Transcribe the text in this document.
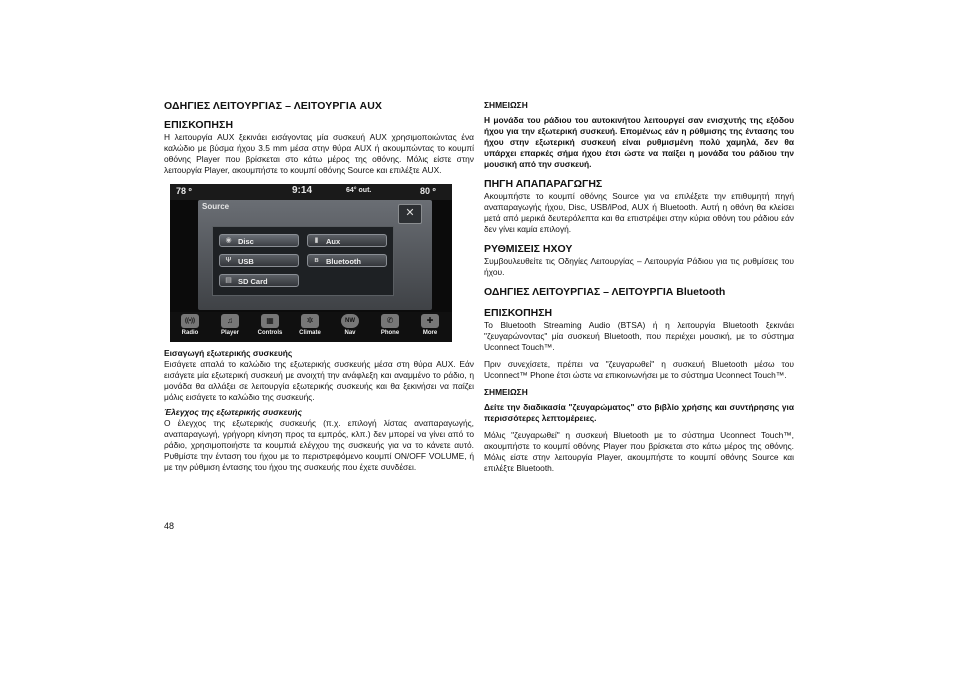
ΟΔΗΓΙΕΣ ΛΕΙΤΟΥΡΓΙΑΣ – ΛΕΙΤΟΥΡΓΙΑ AUX
ΕΠΙΣΚΟΠΗΣΗ

Η λειτουργία AUX ξεκινάει εισάγοντας μία συσκευή AUX χρησιμοποιώντας ένα καλώδιο με βύσμα ήχου 3.5 mm μέσα στην θύρα AUX ή ακουμπώντας το κουμπί οθόνης Player που βρίσκεται στο κάτω μέρος της οθόνης. Μόλις είστε στην λειτουργία Player, ακουμπήστε το κουμπί οθόνης Source και επιλέξτε AUX.

78 º	9:14	64° out.	80 º
Source
✕
◉ Disc	▮	Aux
Ψ USB	ʙ Bluetooth
▤ SD Card
((•))
Radio
♫
Player
▦
Controls
✲
Climate
NW
Nav
✆
Phone
✚
More
Εισαγωγή εξωτερικής συσκευής

Εισάγετε απαλά το καλώδιο της εξωτερικής συσκευής μέσα στη θύρα AUX. Εάν εισάγετε μία εξωτερική συσκευή με ανοιχτή την ανάφλεξη και αναμμένο το ράδιο, η μονάδα θα αλλάξει σε λειτουργία εξωτερικής συσκευής και θα ξεκινήσει να παίζει μόλις εισάγετε το καλώδιο της συσκευής.

Έλεγχος της εξωτερικής συσκευής

Ο έλεγχος της εξωτερικής συσκευής (π.χ. επιλογή λίστας αναπαραγωγής, αναπαραγωγή, γρήγορη κίνηση προς τα εμπρός, κλπ.) δεν μπορεί να γίνει από το ράδιο, χρησιμοποιήστε τα κουμπιά ελέγχου της συσκευής για να το κάνετε αυτό. Ρυθμίστε την ένταση του ήχου με το περιστρεφόμενο κουμπί ON/OFF VOLUME, ή με την ρύθμιση έντασης του ήχου της συσκευής που έχετε συνδέσει.

ΣΗΜΕΙΩΣΗ

Η μονάδα του ράδιου του αυτοκινήτου λειτουργεί σαν ενισχυτής της εξόδου ήχου για την εξωτερική συσκευή. Επομένως εάν η ρύθμισης της έντασης του ήχου στην εξωτερική συσκευή είναι ρυθμισμένη πολύ χαμηλά, δεν θα υπάρχει επαρκές σήμα ήχου έτσι ώστε να παίξει η μονάδα του ράδιου την μουσική από την συσκευή.

ΠΗΓΗ ΑΠΑΠΑΡΑΓΩΓΗΣ

Ακουμπήστε το κουμπί οθόνης Source για να επιλέξετε την επιθυμητή πηγή αναπαραγωγής ήχου, Disc, USB/iPod, AUX ή Bluetooth. Αυτή η οθόνη θα κλείσει μετά από μερικά δευτερόλεπτα και θα επιστρέψει στην κύρια οθόνη του ράδιου εάν δεν γίνει καμία επιλογή.

ΡΥΘΜΙΣΕΙΣ ΗΧΟΥ

Συμβουλευθείτε τις Οδηγίες Λειτουργίας – Λειτουργία Ράδιου για τις ρυθμίσεις του ήχου.

ΟΔΗΓΙΕΣ ΛΕΙΤΟΥΡΓΙΑΣ – ΛΕΙΤΟΥΡΓΙΑ Bluetooth
ΕΠΙΣΚΟΠΗΣΗ

Το Bluetooth Streaming Audio (BTSA) ή η λειτουργία Bluetooth ξεκινάει "ζευγαρώνοντας" μία συσκευή Bluetooth, που περιέχει μουσική, με το σύστημα Uconnect Touch™.

Πριν συνεχίσετε, πρέπει να "ζευγαρωθεί" η συσκευή Bluetooth μέσω του Uconnect™ Phone έτσι ώστε να επικοινωνήσει με το σύστημα Uconnect Touch™.

ΣΗΜΕΙΩΣΗ

Δείτε την διαδικασία "ζευγαρώματος" στο βιβλίο χρήσης και συντήρησης για περισσότερες λεπτομέρειες.

Μόλις "ζευγαρωθεί" η συσκευή Bluetooth με το σύστημα Uconnect Touch™, ακουμπήστε το κουμπί οθόνης Player που βρίσκεται στο κάτω μέρος της οθόνης. Μόλις είστε στην λειτουργία Player, ακουμπήστε το κουμπί οθόνης Source και επιλέξτε Bluetooth.

48
